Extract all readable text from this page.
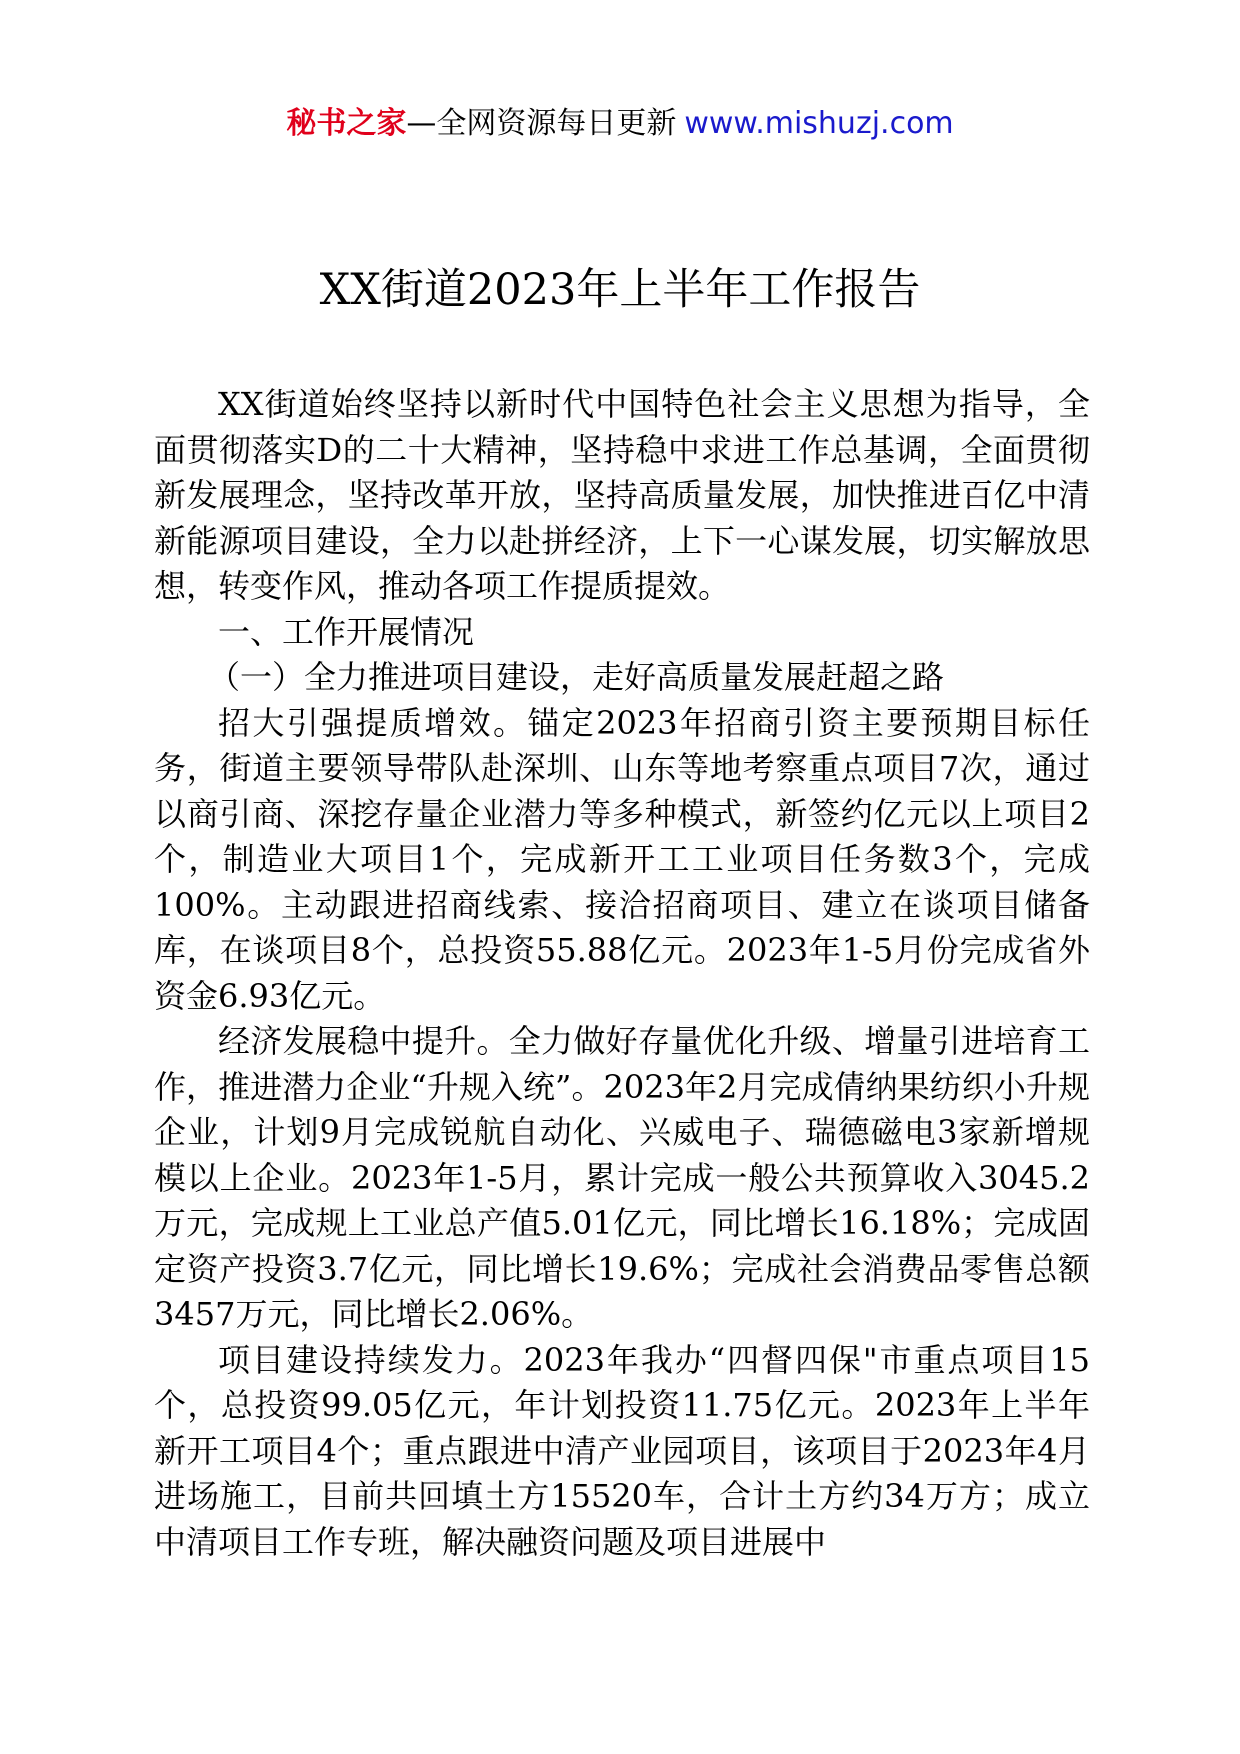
秘书之家—全网资源每日更新 www.mishuzj.com
XX街道2023年上半年工作报告

XX街道始终坚持以新时代中国特色社会主义思想为指导，全面贯彻落实D的二十大精神，坚持稳中求进工作总基调，全面贯彻新发展理念，坚持改革开放，坚持高质量发展，加快推进百亿中清新能源项目建设，全力以赴拼经济，上下一心谋发展，切实解放思想，转变作风，推动各项工作提质提效。

一、工作开展情况

（一）全力推进项目建设，走好高质量发展赶超之路

招大引强提质增效。锚定2023年招商引资主要预期目标任务，街道主要领导带队赴深圳、山东等地考察重点项目7次，通过以商引商、深挖存量企业潜力等多种模式，新签约亿元以上项目2个，制造业大项目1个，完成新开工工业项目任务数3个，完成100%。主动跟进招商线索、接洽招商项目、建立在谈项目储备库，在谈项目8个，总投资55.88亿元。2023年1-5月份完成省外资金6.93亿元。

经济发展稳中提升。全力做好存量优化升级、增量引进培育工作，推进潜力企业“升规入统”。2023年2月完成倩纳果纺织小升规企业，计划9月完成锐航自动化、兴威电子、瑞德磁电3家新增规模以上企业。2023年1-5月，累计完成一般公共预算收入3045.2万元，完成规上工业总产值5.01亿元，同比增长16.18%；完成固定资产投资3.7亿元，同比增长19.6%；完成社会消费品零售总额3457万元，同比增长2.06%。

项目建设持续发力。2023年我办“四督四保"市重点项目15个，总投资99.05亿元，年计划投资11.75亿元。2023年上半年新开工项目4个；重点跟进中清产业园项目，该项目于2023年4月进场施工，目前共回填土方15520车，合计土方约34万方；成立中清项目工作专班，解决融资问题及项目进展中
